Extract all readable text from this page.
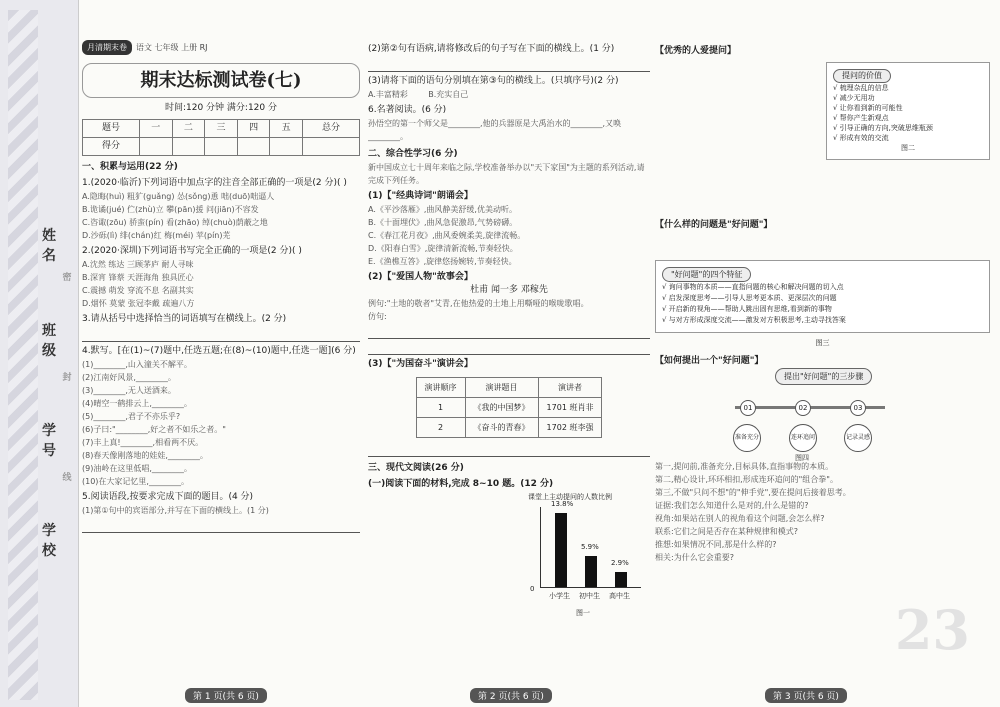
姓名
班级
学号
学校
密
封
线
月清期末卷 语文 七年级 上册 RJ
期末达标测试卷(七)
时间:120 分钟 满分:120 分
题号	一	二	三	四	五	总分
得分						
一、积累与运用(22 分)
1.(2020·临沂)下列词语中加点字的注音全部正确的一项是(2 分)( )
A.隐晦(huì) 粗犷(guǎng) 怂(sǒng)恿 咄(duō)咄逼人
B.诡谲(jué) 伫(zhù)立 攀(pān)援 问(jiān)不容发
C.咨诹(zōu) 骄蛮(pín) 看(zhāo) 绰(chuò)荫蔽之地
D.沙砾(lì) 绯(chán)红 梅(méi) 苹(pín)芜
2.(2020·深圳)下列词语书写完全正确的一项是(2 分)( )
A.沈然 练达 三顾茅庐 耐人寻味
B.深宵 锋蔡 天涯海角 独具匠心
C.震撼 萌发 穿流不息 名副其实
D.烟怀 莫蒙 张冠李戴 疏遍八方
3.请从括号中选择恰当的词语填写在横线上。(2 分)
4.默写。[在(1)~(7)题中,任选五题;在(8)~(10)题中,任选一题](6 分)
(1)________,山入潼关不解平。
(2)江南好风景,________。
(3)________,无人送酒来。
(4)晴空一鹤排云上,________。
(5)________,君子不亦乐乎?
(6)子曰:"________,好之者不如乐之者。"
(7)丰上真!________,相看两不厌。
(8)春天像刚落地的娃娃,________。
(9)油岭在这里低唱,________。
(10)在大家记忆里,________。
5.阅读语段,按要求完成下面的题目。(4 分)
(1)第①句中的宾语部分,并写在下面的横线上。(1 分)
(2)第②句有语病,请将修改后的句子写在下面的横线上。(1 分)
(3)请将下面的语句分别填在第③句的横线上。(只填序号)(2 分)
A.丰富精彩	B.充实自己
6.名著阅读。(6 分)
孙悟空的第一个师父是________,他的兵器原是大禹治水的________,又唤________。
二、综合性学习(6 分)
新中国成立七十周年来临之际,学校准备举办以"天下家国"为主题的系列活动,请完成下列任务。
(1)【"经典诗词"朗诵会】
A.《平沙落雁》,曲风静美舒缓,优美动听。
B.《十面埋伏》,曲风急促激昂,气势磅礴。
C.《春江花月夜》,曲风委婉柔美,旋律流畅。
D.《阳春白雪》,旋律清新流畅,节奏轻快。
E.《渔樵互答》,旋律悠扬婉转,节奏轻快。
(2)【"爱国人物"故事会】
杜甫 闻一多 邓稼先
例句:"土地的敬者"艾青,在他热爱的土地上用嘶哑的喉咙歌唱。
仿句:
(3)【"为国奋斗"演讲会】
演讲顺序	演讲题目	演讲者
1	《我的中国梦》	1701 班肖非
2	《奋斗的青春》	1702 班李强
三、现代文阅读(26 分)
(一)阅读下面的材料,完成 8~10 题。(12 分)
课堂上主动提问的人数比例
13.8%
小学生
5.9%
初中生
2.9%
高中生
0
图一
【优秀的人爱提问】
提问的价值
√ 梳理杂乱的信息
√ 减少无用功
√ 让你看到新的可能性
√ 帮你产生新观点
√ 引导正确的方向,突破思维瓶颈
√ 形成有效的交流
图二
【什么样的问题是"好问题"】
"好问题"的四个特征
√ 询问事物的本质——直指问题的核心和解决问题的切入点
√ 启发深度思考——引导人思考更本质、更深层次的问题
√ 开启新的视角——帮助人跳出固有思维,看到新的事物
√ 与对方形成深度交流——激发对方积极思考,主动寻找答案
图三
【如何提出一个"好问题"】
提出"好问题"的三步骤
01	02	03
准备充分	连环追问	记录灵感
图四
第一,提问前,准备充分,目标具体,直指事物的本质。
第二,精心设计,环环相扣,形成连环追问的"组合拳"。
第三,不做"只问不想"的"伸手党",要在提问后接着思考。
证据:我们怎么知道什么是对的,什么是错的?
视角:如果站在别人的视角看这个问题,会怎么样?
联系:它们之间是否存在某种规律和模式?
推想:如果情况不同,那是什么样的?
相关:为什么它会重要?
23
第 1 页(共 6 页)	第 2 页(共 6 页)	第 3 页(共 6 页)
